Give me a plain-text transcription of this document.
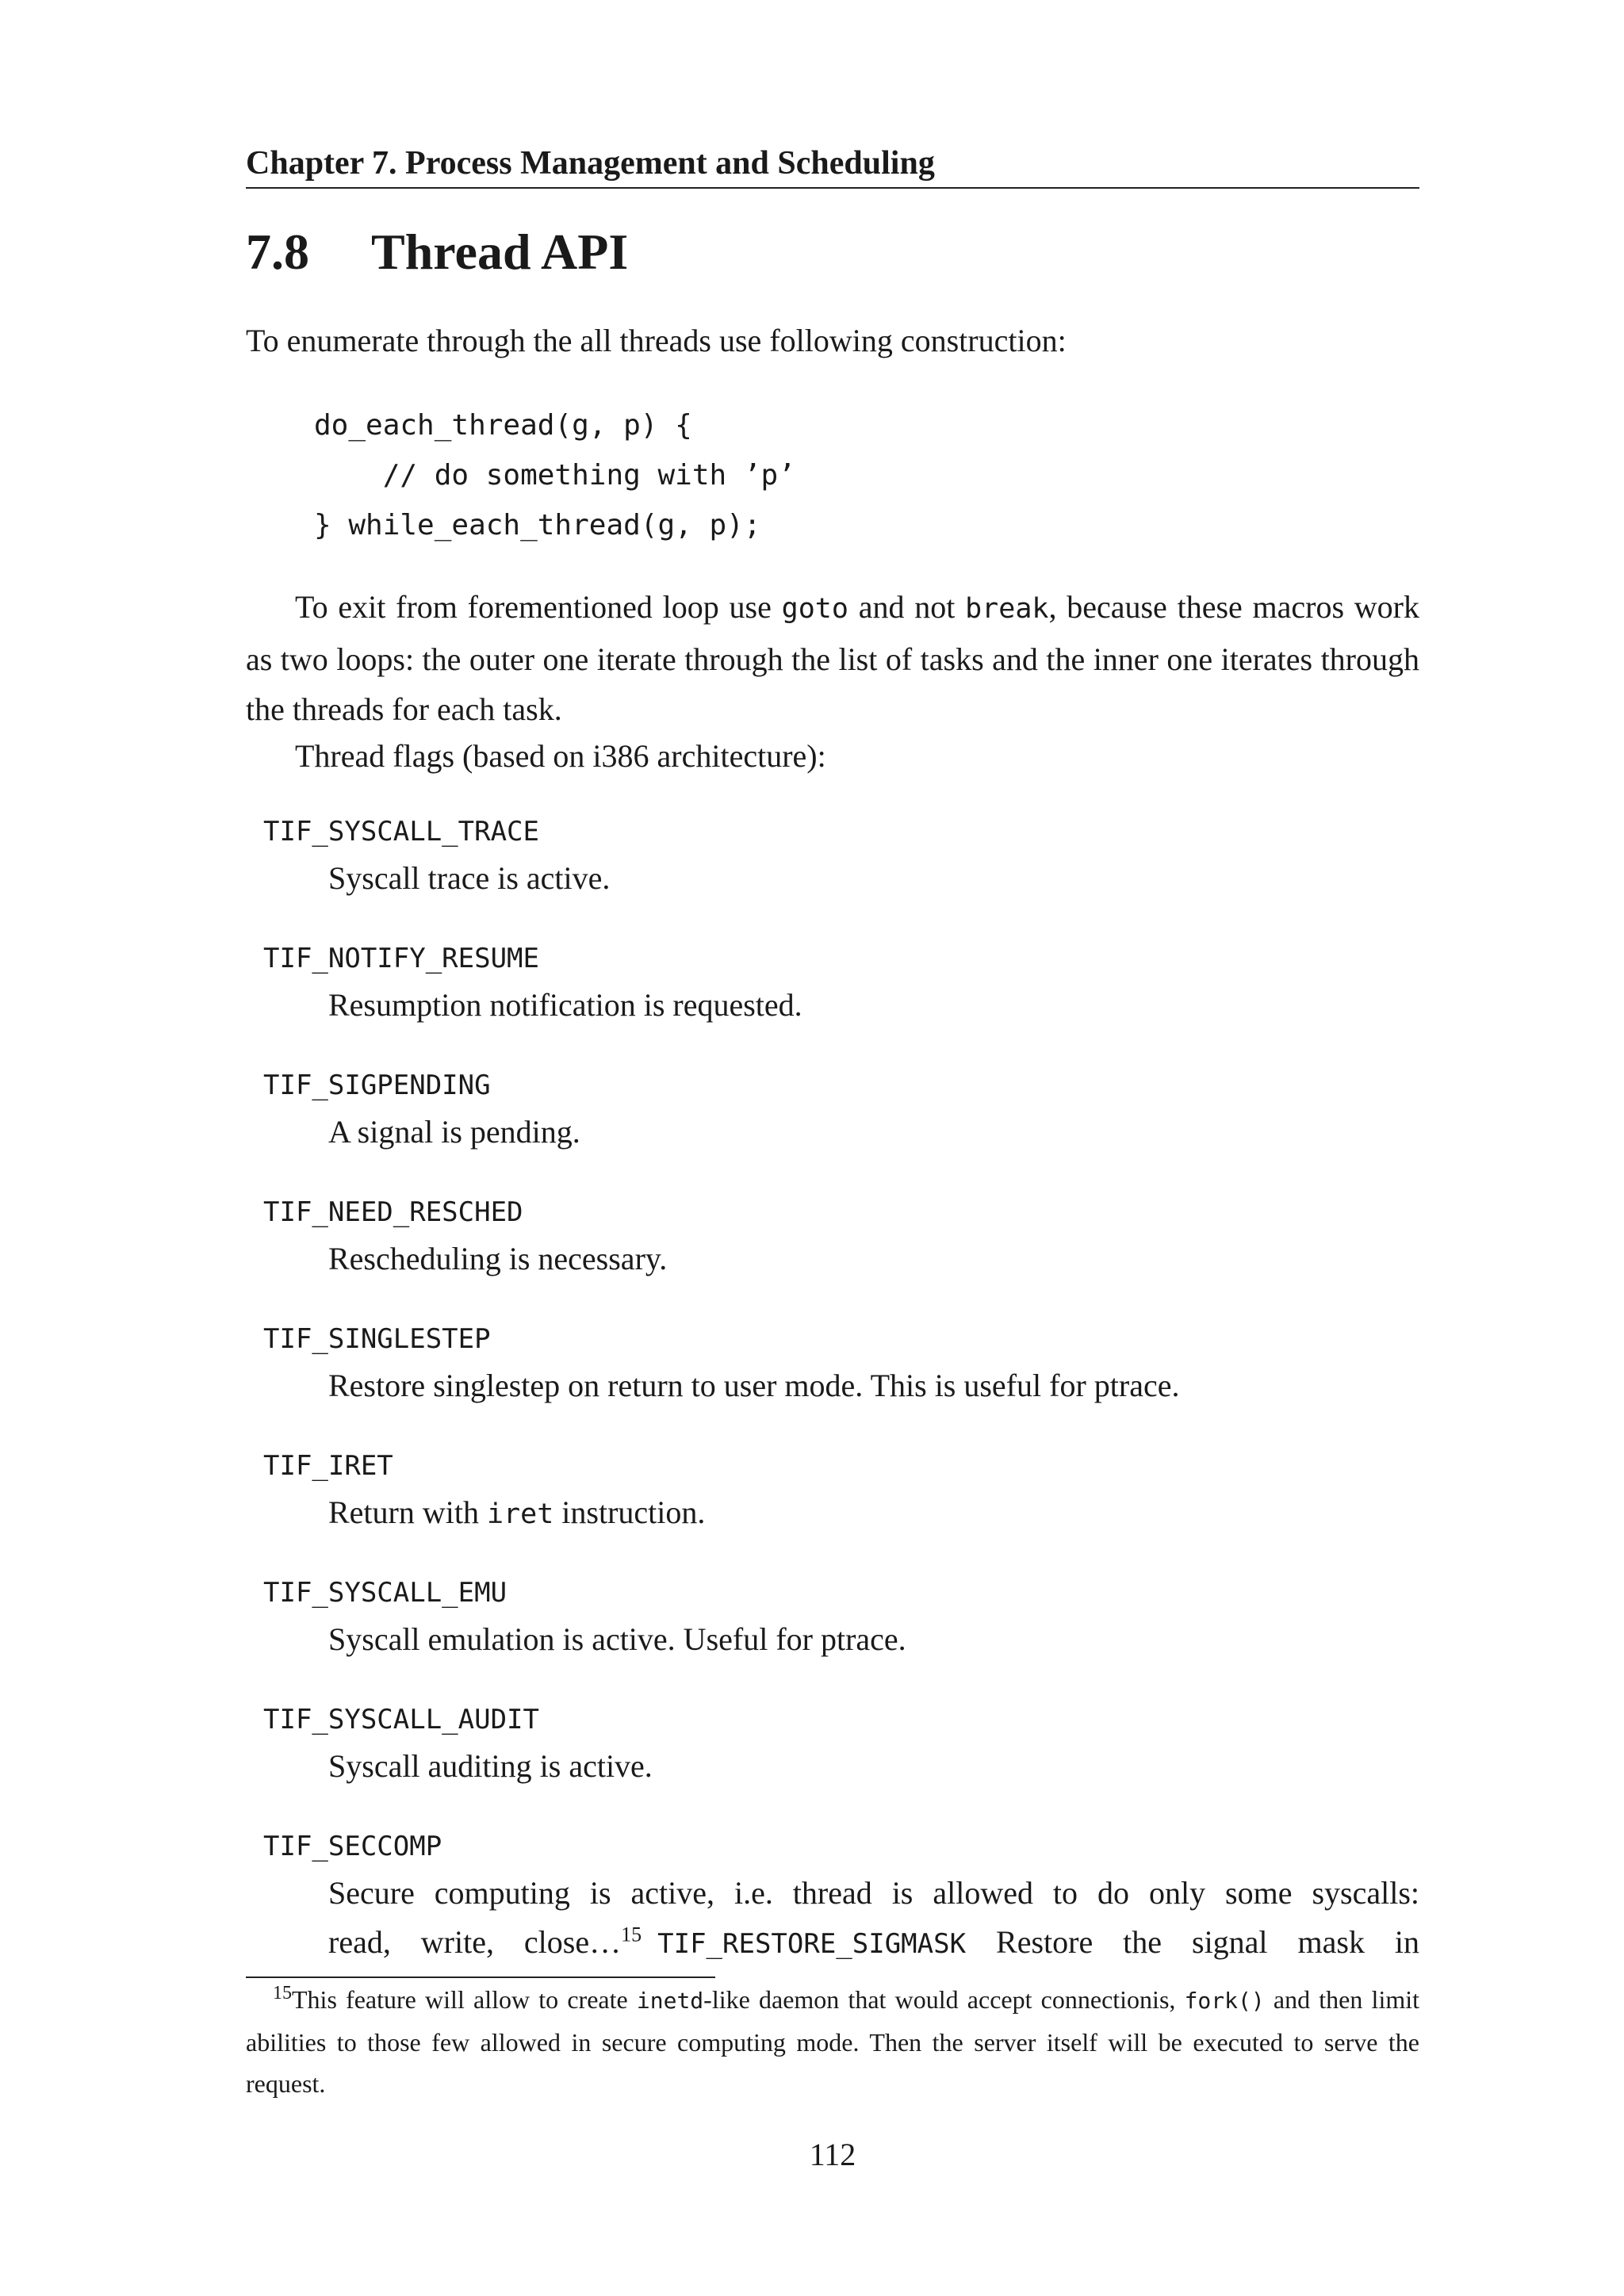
Chapter 7. Process Management and Scheduling
7.8 Thread API
To enumerate through the all threads use following construction:
do_each_thread(g, p) {
// do something with ’p’
} while_each_thread(g, p);
To exit from forementioned loop use goto and not break, because these macros work as two loops: the outer one iterate through the list of tasks and the inner one iterates through the threads for each task.
Thread flags (based on i386 architecture):
TIF_SYSCALL_TRACE
Syscall trace is active.
TIF_NOTIFY_RESUME
Resumption notification is requested.
TIF_SIGPENDING
A signal is pending.
TIF_NEED_RESCHED
Rescheduling is necessary.
TIF_SINGLESTEP
Restore singlestep on return to user mode. This is useful for ptrace.
TIF_IRET
Return with iret instruction.
TIF_SYSCALL_EMU
Syscall emulation is active. Useful for ptrace.
TIF_SYSCALL_AUDIT
Syscall auditing is active.
TIF_SECCOMP
Secure computing is active, i.e. thread is allowed to do only some syscalls:
read, write, close…$^{15}$ TIF_RESTORE_SIGMASK Restore the signal mask in
$^{15}$This feature will allow to create inetd-like daemon that would accept connectionis, fork() and then limit abilities to those few allowed in secure computing mode. Then the server itself will be executed to serve the request.
112
